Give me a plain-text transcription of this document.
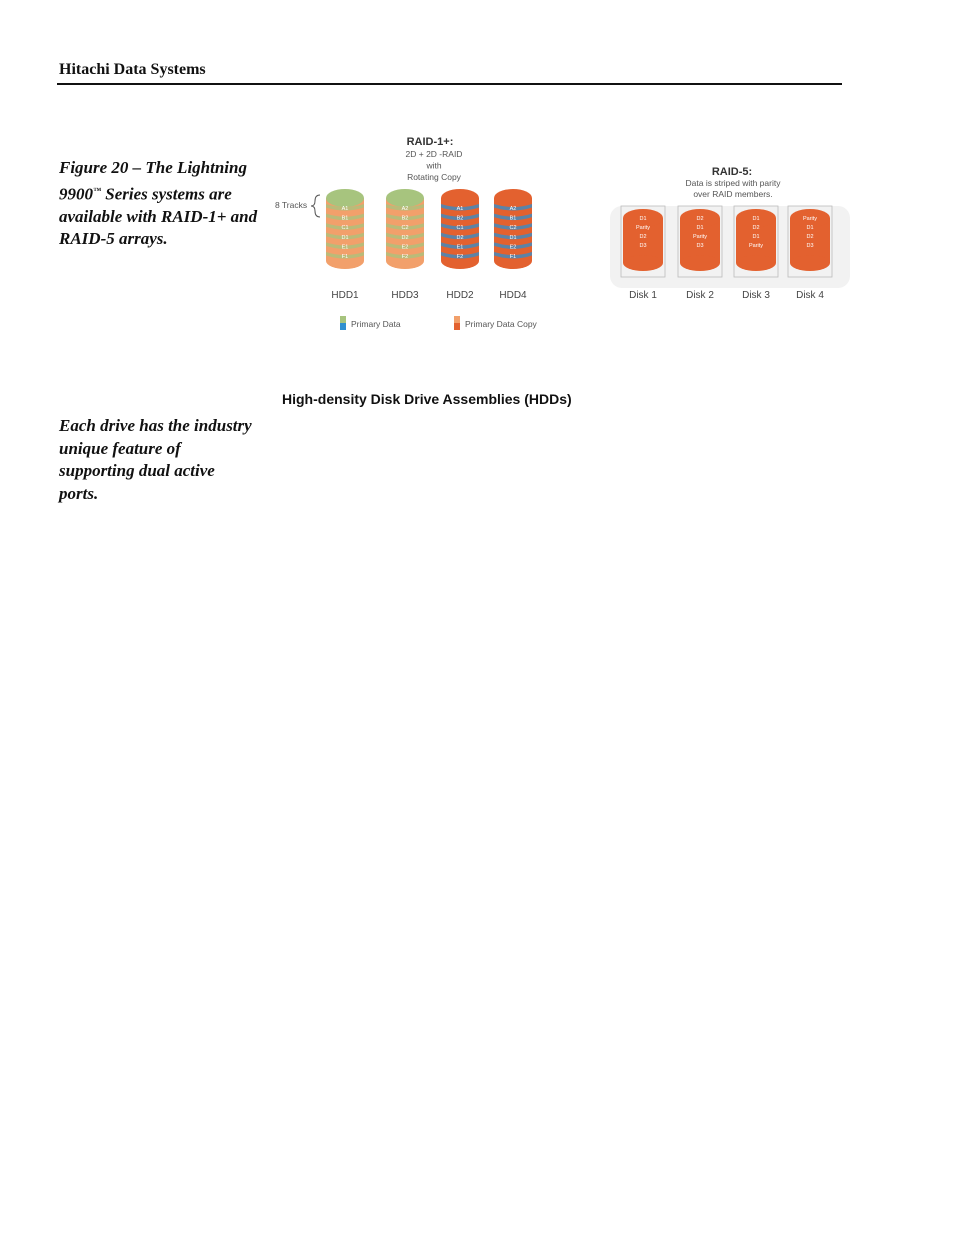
Hitachi Data Systems
Figure 20 – The Lightning 9900™ Series systems are available with RAID-1+ and RAID-5 arrays.
Each drive has the industry unique feature of supporting dual active ports.
RAID-1+:
2D + 2D -RAID
with
Rotating Copy
8 Tracks	A1
B1
C1
D1
E1
F1
HDD1
A2
B2
C2
D2
E2
F2
HDD3
A1
B2
C1
D2
E1
F2
HDD2
A2
B1
C2
D1
E2
F1
HDD4
Primary Data	Primary Data Copy
RAID-5:
Data is striped with parity
over RAID members.
D1
Parity
D2
D3
Disk 1
D2
D1
Parity
D3
Disk 2
D1
D2
D1
Parity
Disk 3
Parity
D1
D2
D3
Disk 4
High-density Disk Drive Assemblies (HDDs)
